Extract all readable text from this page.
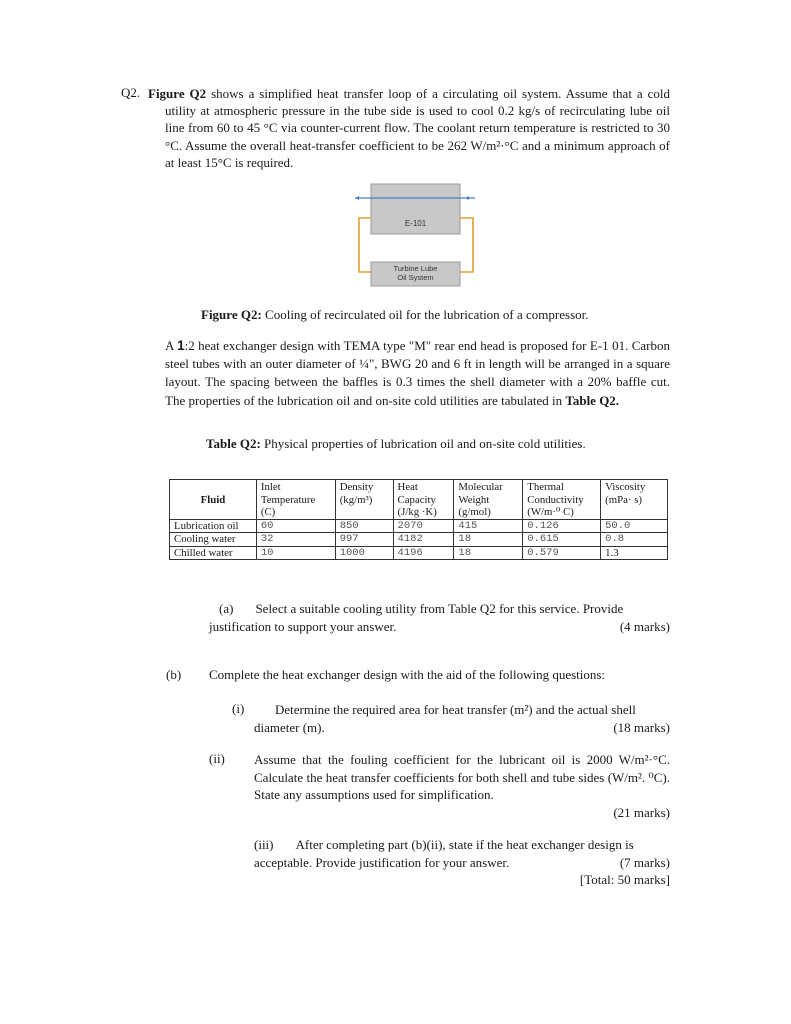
Q2. Figure Q2 shows a simplified heat transfer loop of a circulating oil system. Assume that a cold utility at atmospheric pressure in the tube side is used to cool 0.2 kg/s of recirculating lube oil line from 60 to 45 °C via counter-current flow. The coolant return temperature is restricted to 30 °C. Assume the overall heat-transfer coefficient to be 262 W/m²·°C and a minimum approach of at least 15°C is required.
E-101
Turbine Lube
Oil System
Figure Q2: Cooling of recirculated oil for the lubrication of a compressor.
A 1:2 heat exchanger design with TEMA type "M" rear end head is proposed for E-1 01. Carbon steel tubes with an outer diameter of ¼", BWG 20 and 6 ft in length will be arranged in a square layout. The spacing between the baffles is 0.3 times the shell diameter with a 20% baffle cut. The properties of the lubrication oil and on-site cold utilities are tabulated in Table Q2.
Table Q2: Physical properties of lubrication oil and on-site cold utilities.
Fluid	Inlet Temperature (C)	Density (kg/m³)	Heat Capacity (J/kg ·K)	Molecular Weight (g/mol)	Thermal Conductivity (W/m·⁰ C)	Viscosity (mPa· s)
Lubrication oil	60	850	2070	415	0.126	50.0
Cooling water	32	997	4182	18	0.615	0.8
Chilled water	10	1000	4196	18	0.579	1.3
(a) Select a suitable cooling utility from Table Q2 for this service. Provide
justification to support your answer.	(4 marks)
(b) Complete the heat exchanger design with the aid of the following questions:
(i)	Determine the required area for heat transfer (m²) and the actual shell
diameter (m).	(18 marks)
(ii) Assume that the fouling coefficient for the lubricant oil is 2000 W/m²·°C. Calculate the heat transfer coefficients for both shell and tube sides (W/m². ⁰C). State any assumptions used for simplification.
(21 marks)
(iii) After completing part (b)(ii), state if the heat exchanger design is
acceptable. Provide justification for your answer.	(7 marks)
[Total: 50 marks]
